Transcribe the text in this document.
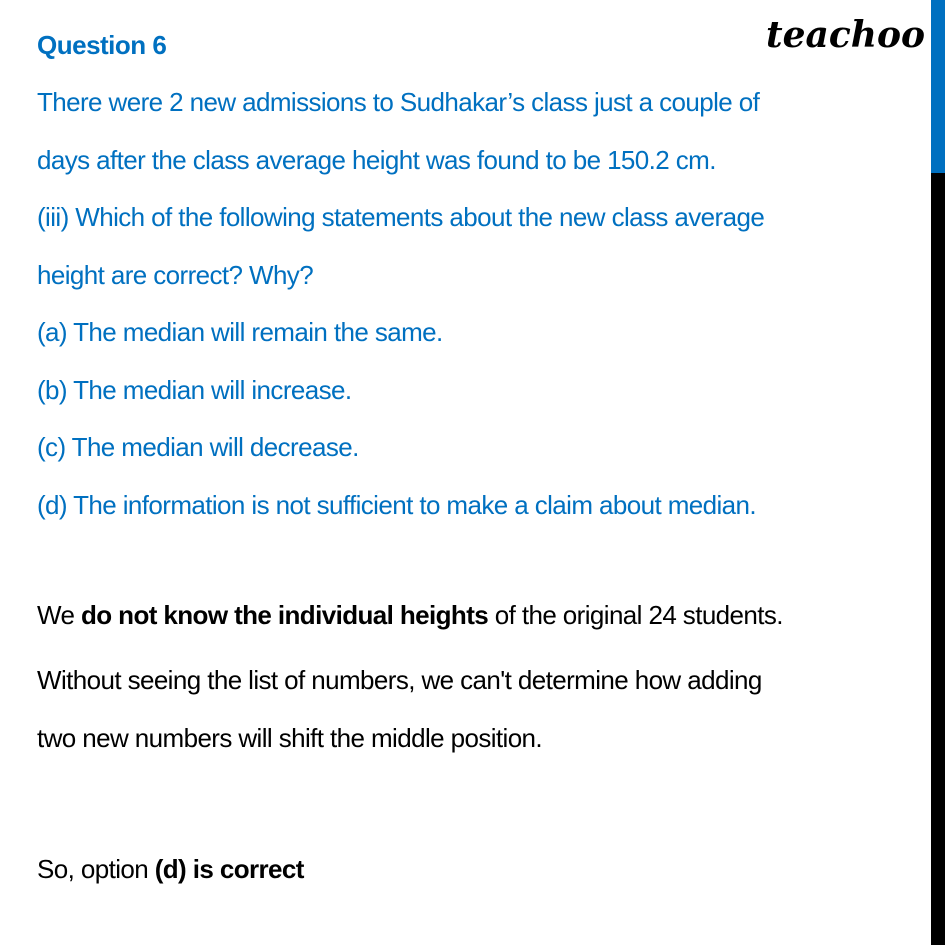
teachoo
Question 6
There were 2 new admissions to Sudhakar’s class just a couple of
days after the class average height was found to be 150.2 cm.
(iii) Which of the following statements about the new class average
height are correct? Why?
(a) The median will remain the same.
(b) The median will increase.
(c) The median will decrease.
(d) The information is not sufficient to make a claim about median.
We do not know the individual heights of the original 24 students.
Without seeing the list of numbers, we can't determine how adding
two new numbers will shift the middle position.
So, option (d) is correct
